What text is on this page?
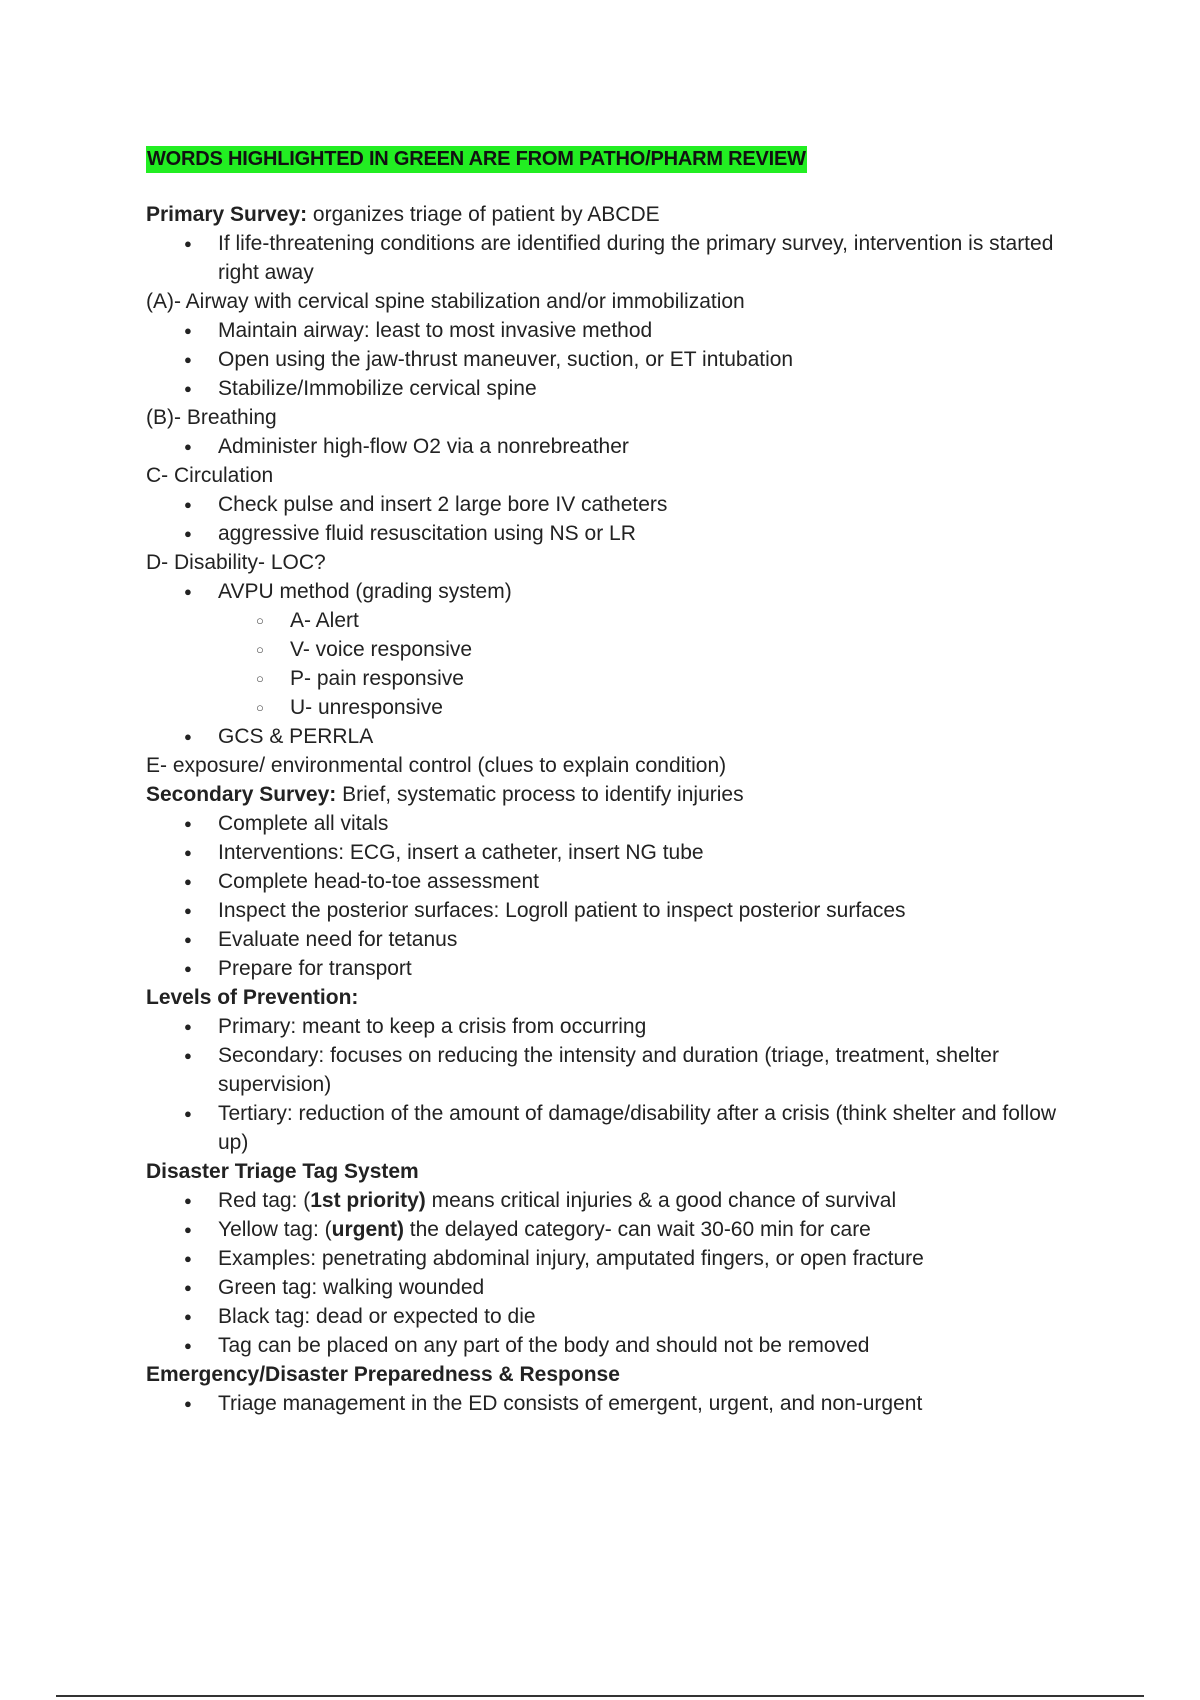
WORDS HIGHLIGHTED IN GREEN ARE FROM PATHO/PHARM REVIEW
Primary Survey: organizes triage of patient by ABCDE
● If life-threatening conditions are identified during the primary survey, intervention is started right away
(A)- Airway with cervical spine stabilization and/or immobilization
● Maintain airway: least to most invasive method
● Open using the jaw-thrust maneuver, suction, or ET intubation
● Stabilize/Immobilize cervical spine
(B)- Breathing
● Administer high-flow O2 via a nonrebreather
C- Circulation
● Check pulse and insert 2 large bore IV catheters
● aggressive fluid resuscitation using NS or LR
D- Disability- LOC?
● AVPU method (grading system)
○ A- Alert
○ V- voice responsive
○ P- pain responsive
○ U- unresponsive
● GCS & PERRLA
E- exposure/ environmental control (clues to explain condition)
Secondary Survey: Brief, systematic process to identify injuries
● Complete all vitals
● Interventions: ECG, insert a catheter, insert NG tube
● Complete head-to-toe assessment
● Inspect the posterior surfaces: Logroll patient to inspect posterior surfaces
● Evaluate need for tetanus
● Prepare for transport
Levels of Prevention:
● Primary: meant to keep a crisis from occurring
● Secondary: focuses on reducing the intensity and duration (triage, treatment, shelter supervision)
● Tertiary: reduction of the amount of damage/disability after a crisis (think shelter and follow up)
Disaster Triage Tag System
● Red tag: (1st priority) means critical injuries & a good chance of survival
● Yellow tag: (urgent) the delayed category- can wait 30-60 min for care
● Examples: penetrating abdominal injury, amputated fingers, or open fracture
● Green tag: walking wounded
● Black tag: dead or expected to die
● Tag can be placed on any part of the body and should not be removed
Emergency/Disaster Preparedness & Response
● Triage management in the ED consists of emergent, urgent, and non-urgent
